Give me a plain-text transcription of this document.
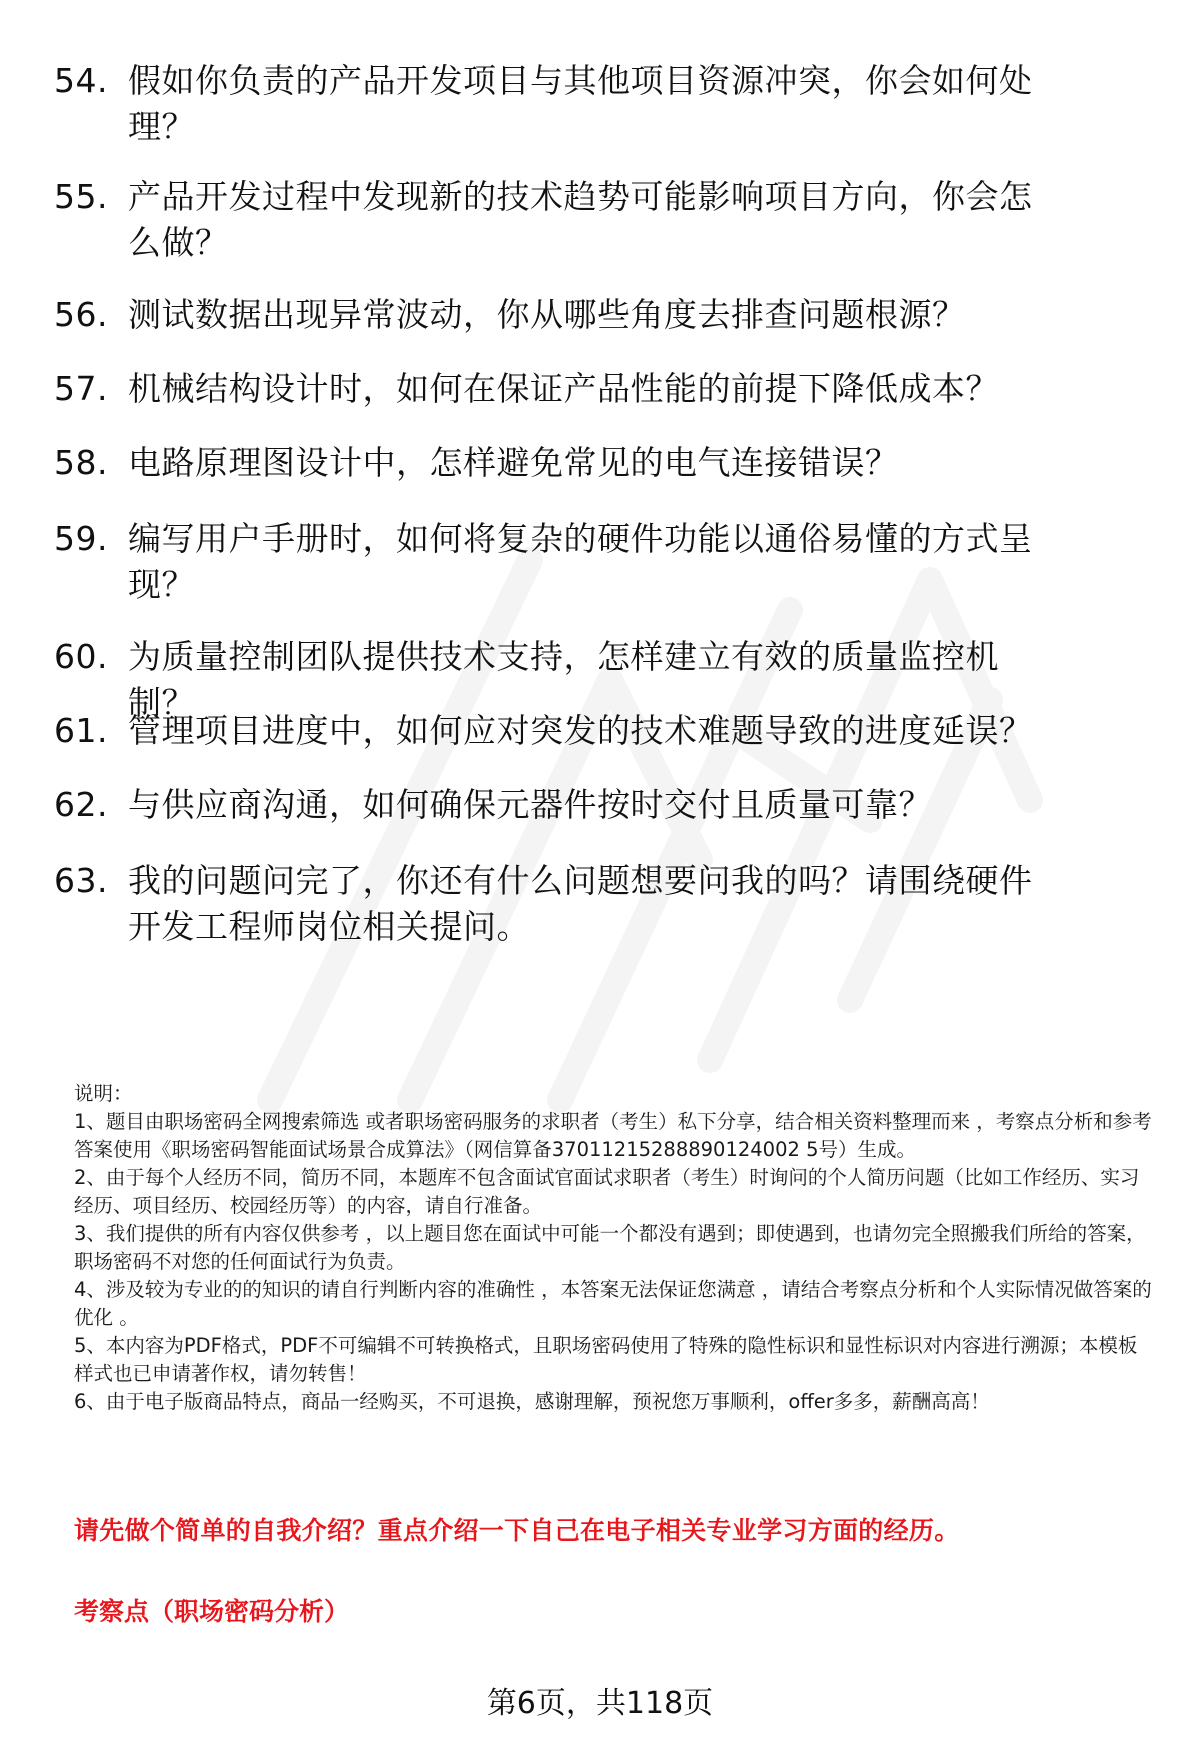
54. 假如你负责的产品开发项目与其他项目资源冲突，你会如何处理？
55. 产品开发过程中发现新的技术趋势可能影响项目方向，你会怎么做？
56. 测试数据出现异常波动，你从哪些角度去排查问题根源？
57. 机械结构设计时，如何在保证产品性能的前提下降低成本？
58. 电路原理图设计中，怎样避免常见的电气连接错误？
59. 编写用户手册时，如何将复杂的硬件功能以通俗易懂的方式呈现？
60. 为质量控制团队提供技术支持，怎样建立有效的质量监控机制？
61. 管理项目进度中，如何应对突发的技术难题导致的进度延误？
62. 与供应商沟通，如何确保元器件按时交付且质量可靠？
63. 我的问题问完了，你还有什么问题想要问我的吗？请围绕硬件开发工程师岗位相关提问。
说明：
1、题目由职场密码全网搜索筛选 或者职场密码服务的求职者（考生）私下分享，结合相关资料整理而来 ，考察点分析和参考答案使用《职场密码智能面试场景合成算法》（网信算备37011215288890124002 5号）生成。
2、由于每个人经历不同，简历不同，本题库不包含面试官面试求职者（考生）时询问的个人简历问题（比如工作经历、实习经历、项目经历、校园经历等）的内容，请自行准备。
3、我们提供的所有内容仅供参考 ，以上题目您在面试中可能一个都没有遇到；即使遇到，也请勿完全照搬我们所给的答案，职场密码不对您的任何面试行为负责。
4、涉及较为专业的的知识的请自行判断内容的准确性 ，本答案无法保证您满意 ，请结合考察点分析和个人实际情况做答案的优化 。
5、本内容为PDF格式，PDF不可编辑不可转换格式，且职场密码使用了特殊的隐性标识和显性标识对内容进行溯源；本模板样式也已申请著作权，请勿转售！
6、由于电子版商品特点，商品一经购买，不可退换，感谢理解，预祝您万事顺利，offer多多，薪酬高高！
请先做个简单的自我介绍？重点介绍一下自己在电子相关专业学习方面的经历。
考察点（职场密码分析）
第6页，共118页
